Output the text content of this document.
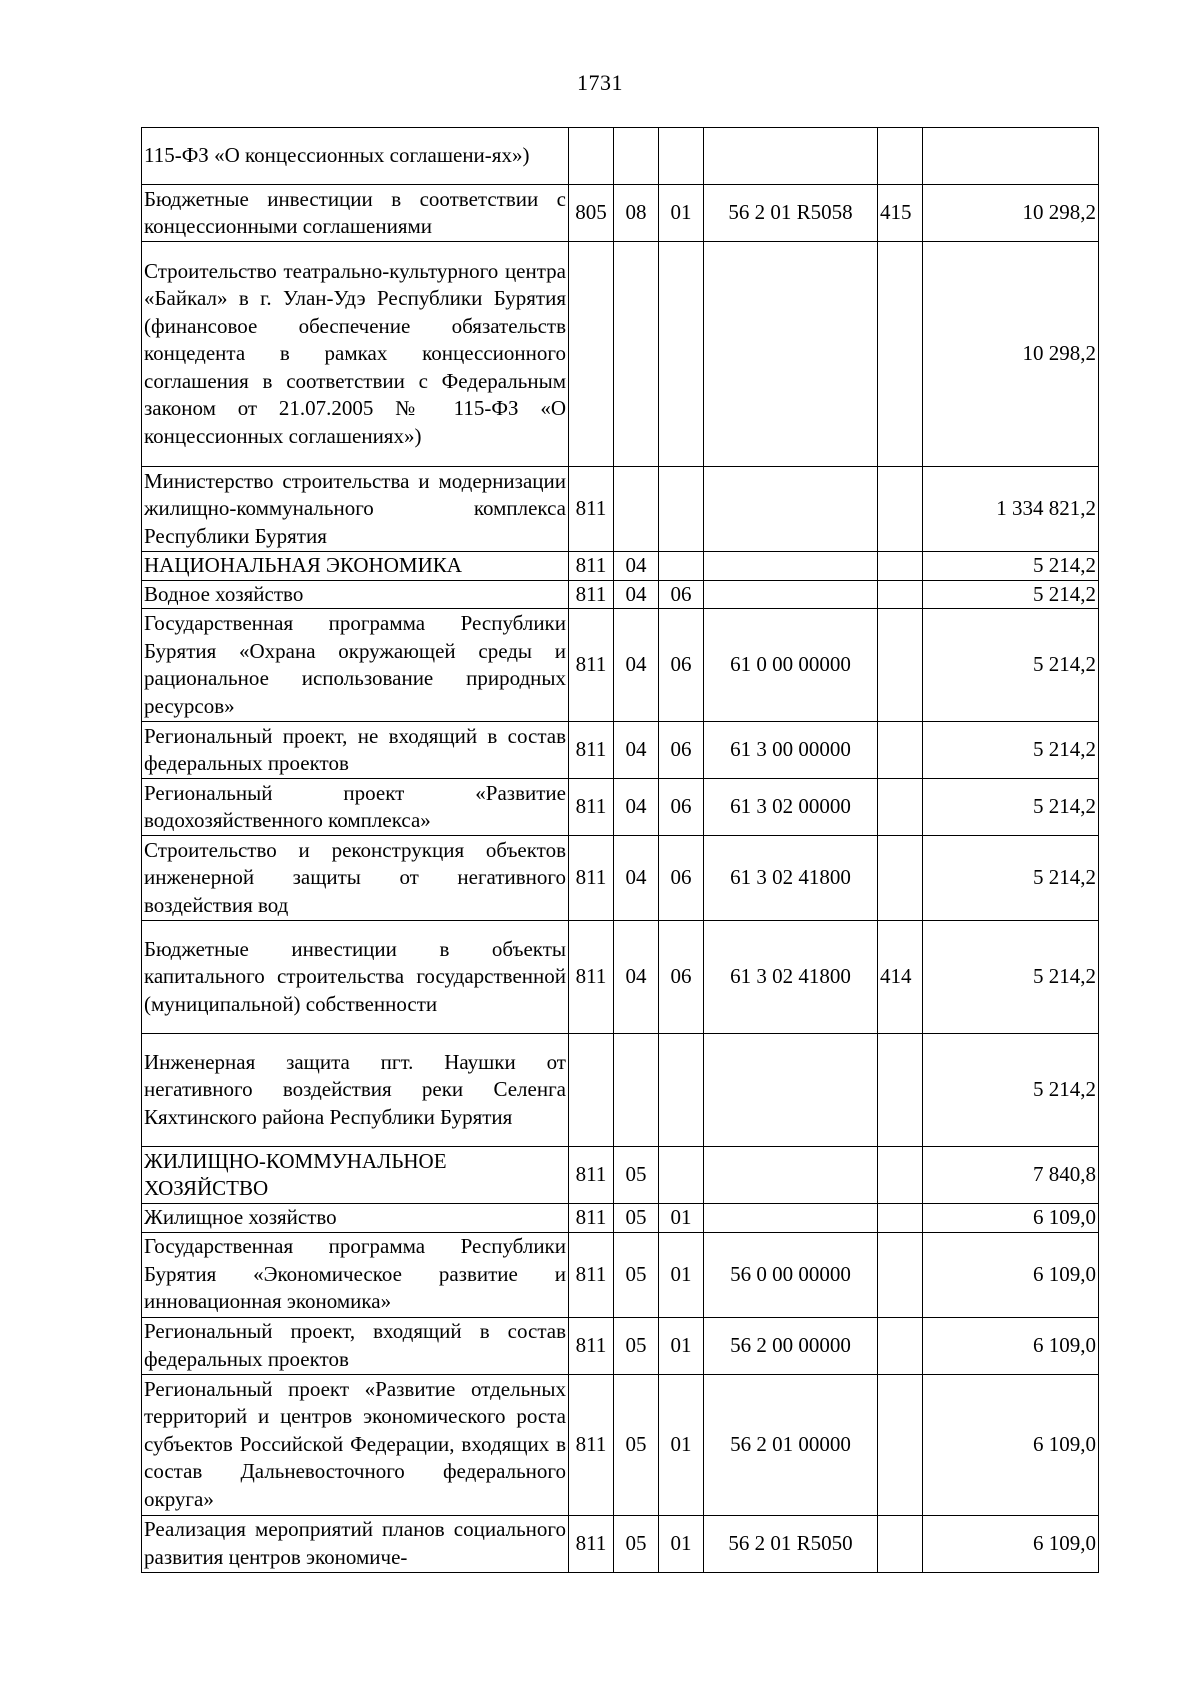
1731
115-ФЗ «О концессионных соглашени-ях»)						
Бюджетные инвестиции в соответствии с концессионными соглашениями	805	08	01	56 2 01 R5058	415	10 298,2
Строительство театрально-культурного центра «Байкал» в г. Улан-Удэ Республики Бурятия (финансовое обеспечение обязательств концедента в рамках концессионного соглашения в соответствии с Федеральным законом от 21.07.2005 № 115-ФЗ «О концессионных соглашениях»)						10 298,2
Министерство строительства и модернизации жилищно-коммунального комплекса Республики Бурятия	811					1 334 821,2
НАЦИОНАЛЬНАЯ ЭКОНОМИКА	811	04				5 214,2
Водное хозяйство	811	04	06			5 214,2
Государственная программа Республики Бурятия «Охрана окружающей среды и рациональное использование природных ресурсов»	811	04	06	61 0 00 00000		5 214,2
Региональный проект, не входящий в состав федеральных проектов	811	04	06	61 3 00 00000		5 214,2
Региональный проект «Развитие водохозяйственного комплекса»	811	04	06	61 3 02 00000		5 214,2
Строительство и реконструкция объектов инженерной защиты от негативного воздействия вод	811	04	06	61 3 02 41800		5 214,2
Бюджетные инвестиции в объекты капитального строительства государственной (муниципальной) собственности	811	04	06	61 3 02 41800	414	5 214,2
Инженерная защита пгт. Наушки от негативного воздействия реки Селенга Кяхтинского района Республики Бурятия						5 214,2
ЖИЛИЩНО-КОММУНАЛЬНОЕ ХОЗЯЙСТВО	811	05				7 840,8
Жилищное хозяйство	811	05	01			6 109,0
Государственная программа Республики Бурятия «Экономическое развитие и инновационная экономика»	811	05	01	56 0 00 00000		6 109,0
Региональный проект, входящий в состав федеральных проектов	811	05	01	56 2 00 00000		6 109,0
Региональный проект «Развитие отдельных территорий и центров экономического роста субъектов Российской Федерации, входящих в состав Дальневосточного федерального округа»	811	05	01	56 2 01 00000		6 109,0
Реализация мероприятий планов социального развития центров экономиче-	811	05	01	56 2 01 R5050		6 109,0
